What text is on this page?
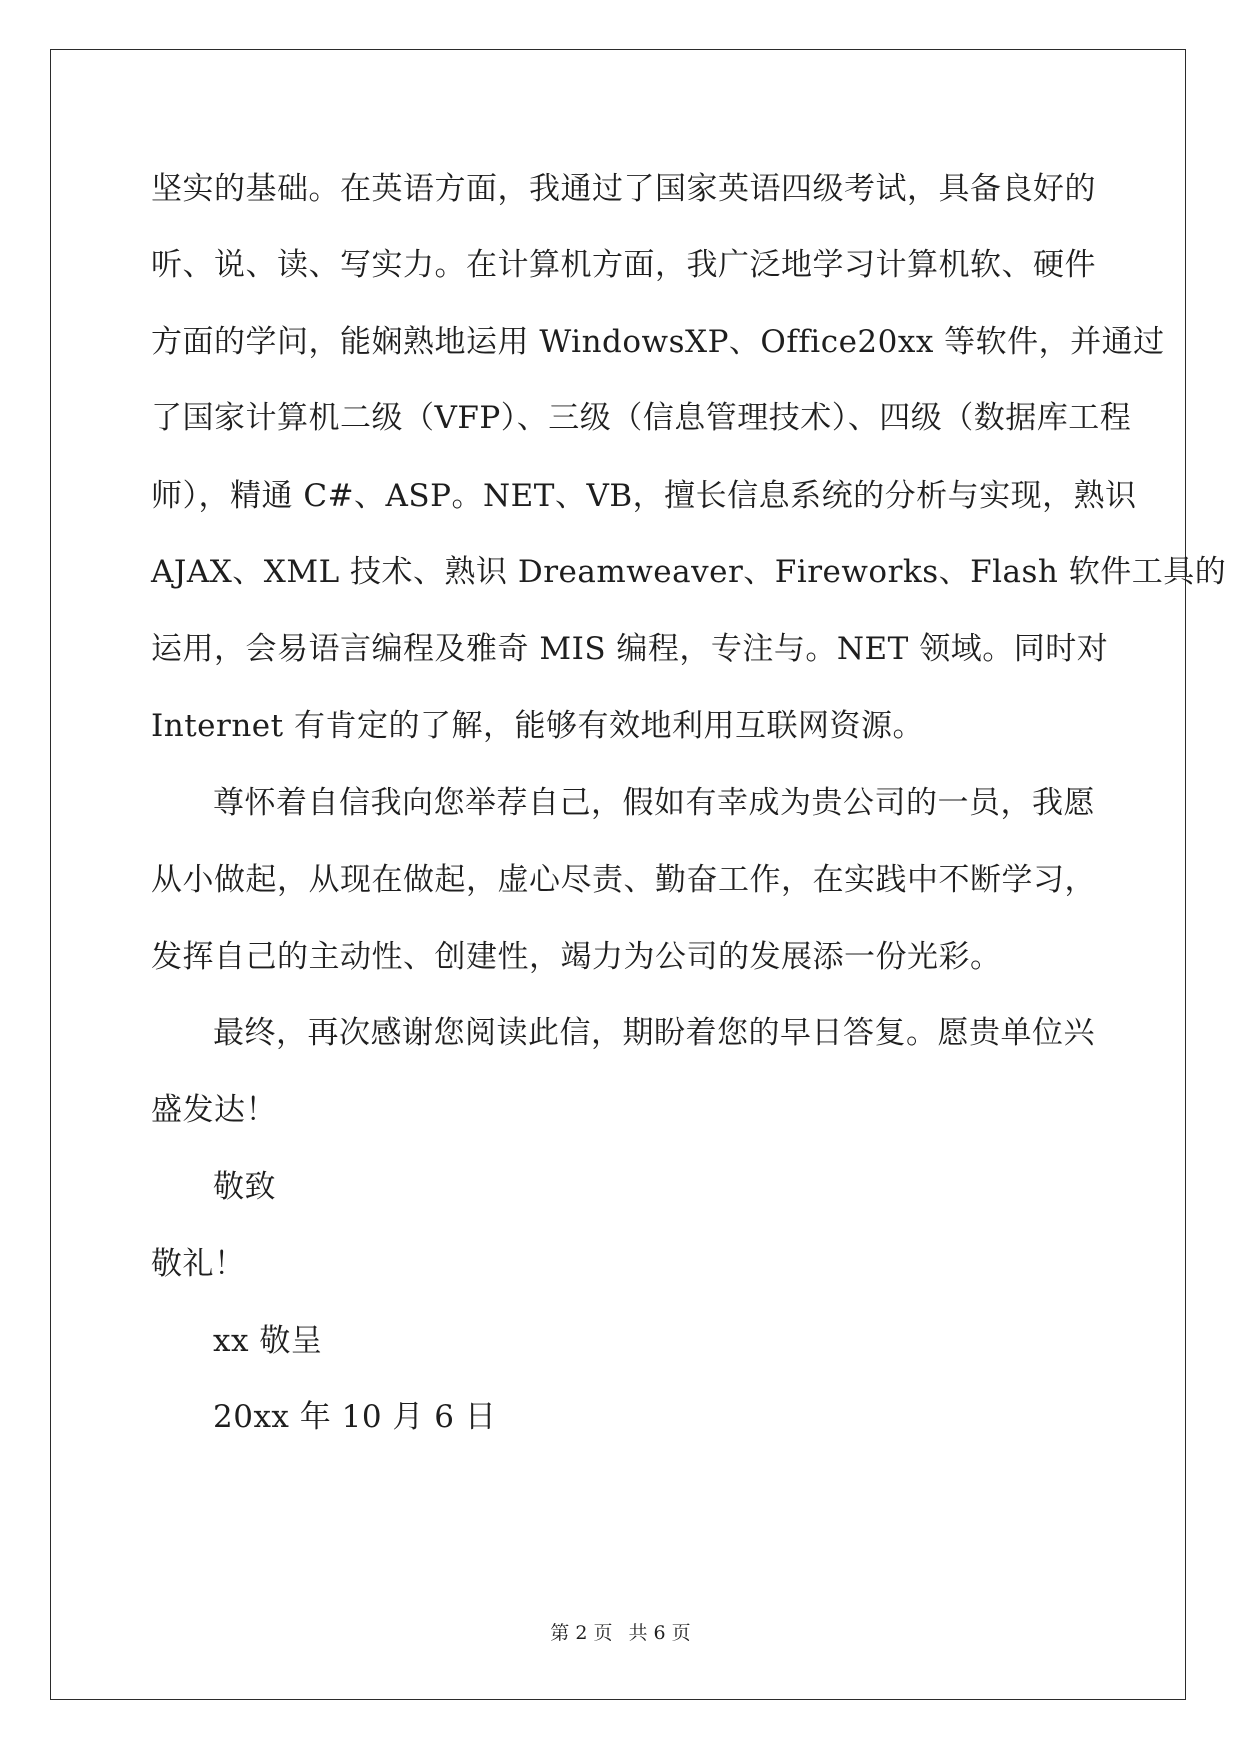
坚实的基础。在英语方面，我通过了国家英语四级考试，具备良好的
听、说、读、写实力。在计算机方面，我广泛地学习计算机软、硬件
方面的学问，能娴熟地运用 WindowsXP、Office20xx 等软件，并通过
了国家计算机二级（VFP）、三级（信息管理技术）、四级（数据库工程
师），精通 C#、ASP。NET、VB，擅长信息系统的分析与实现，熟识
AJAX、XML 技术、熟识 Dreamweaver、Fireworks、Flash 软件工具的
运用，会易语言编程及雅奇 MIS 编程，专注与。NET 领域。同时对
Internet 有肯定的了解，能够有效地利用互联网资源。
尊怀着自信我向您举荐自己，假如有幸成为贵公司的一员，我愿
从小做起，从现在做起，虚心尽责、勤奋工作，在实践中不断学习，
发挥自己的主动性、创建性，竭力为公司的发展添一份光彩。
最终，再次感谢您阅读此信，期盼着您的早日答复。愿贵单位兴
盛发达！
敬致
敬礼！
xx 敬呈
20xx 年 10 月 6 日
第 2 页 共 6 页
